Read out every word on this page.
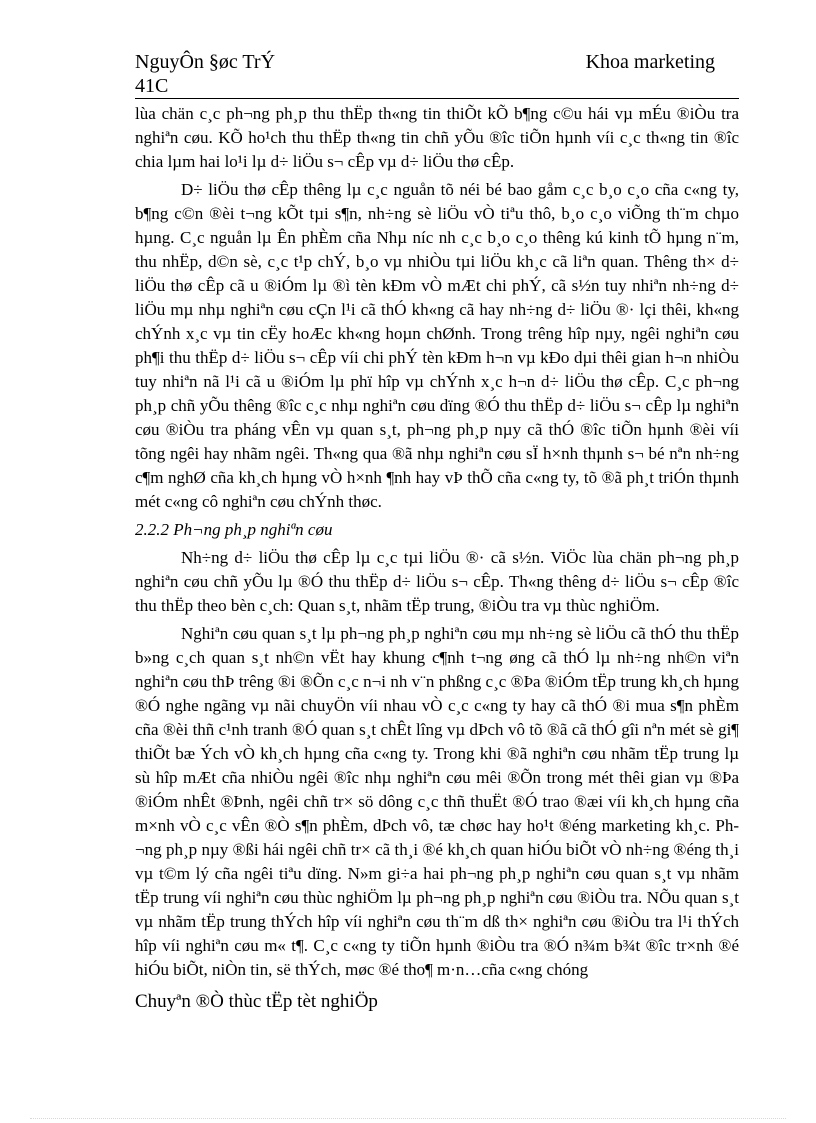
NguyÔn §øc TrÝ	Khoa marketing
41C

lùa chän c¸c ph¬ng ph¸p thu thËp th«ng tin thiÕt kÕ b¶ng c©u hái vµ mÉu ®iÒu tra nghiªn cøu. KÕ ho¹ch thu thËp th«ng tin chñ yÕu ®îc tiÕn hµnh víi c¸c th«ng tin ®îc chia lµm hai lo¹i lµ d÷ liÖu s¬ cÊp vµ d÷ liÖu thø cÊp.

D÷ liÖu thø cÊp thêng lµ c¸c nguån tõ néi bé bao gåm c¸c b¸o c¸o cña c«ng ty, b¶ng c©n ®èi t¬ng kÕt tµi s¶n, nh÷ng sè liÖu vÒ tiªu thô, b¸o c¸o viÕng th¨m chµo hµng. C¸c nguån lµ Ên phÈm cña Nhµ níc nh c¸c b¸o c¸o thêng kú kinh tÕ hµng n¨m, thu nhËp, d©n sè, c¸c t¹p chÝ, b¸o vµ nhiÒu tµi liÖu kh¸c cã liªn quan. Thêng th× d÷ liÖu thø cÊp cã u ®iÓm lµ ®ì tèn kÐm vÒ mÆt chi phÝ, cã s½n tuy nhiªn nh÷ng d÷ liÖu mµ nhµ nghiªn cøu cÇn l¹i cã thÓ kh«ng cã hay nh÷ng d÷ liÖu ®· lçi thêi, kh«ng chÝnh x¸c vµ tin cËy hoÆc kh«ng hoµn chØnh. Trong trêng hîp nµy, ngêi nghiªn cøu ph¶i thu thËp d÷ liÖu s¬ cÊp víi chi phÝ tèn kÐm h¬n vµ kÐo dµi thêi gian h¬n nhiÒu tuy nhiªn nã l¹i cã u ®iÓm lµ phï hîp vµ chÝnh x¸c h¬n d÷ liÖu thø cÊp. C¸c ph¬ng ph¸p chñ yÕu thêng ®îc c¸c nhµ nghiªn cøu dïng ®Ó thu thËp d÷ liÖu s¬ cÊp lµ nghiªn cøu ®iÒu tra pháng vÊn vµ quan s¸t, ph¬ng ph¸p nµy cã thÓ ®îc tiÕn hµnh ®èi víi tõng ngêi hay nhãm ngêi. Th«ng qua ®ã nhµ nghiªn cøu sÏ h×nh thµnh s¬ bé nªn nh÷ng c¶m nghØ cña kh¸ch hµng vÒ h×nh ¶nh hay vÞ thÕ cña c«ng ty, tõ ®ã ph¸t triÓn thµnh mét c«ng cô nghiªn cøu chÝnh thøc.

2.2.2 Ph¬ng ph¸p nghiªn cøu

Nh÷ng d÷ liÖu thø cÊp lµ c¸c tµi liÖu ®· cã s½n. ViÖc lùa chän ph¬ng ph¸p nghiªn cøu chñ yÕu lµ ®Ó thu thËp d÷ liÖu s¬ cÊp. Th«ng thêng d÷ liÖu s¬ cÊp ®îc thu thËp theo bèn c¸ch: Quan s¸t, nhãm tËp trung, ®iÒu tra vµ thùc nghiÖm.

Nghiªn cøu quan s¸t lµ ph¬ng ph¸p nghiªn cøu mµ nh÷ng sè liÖu cã thÓ thu thËp b»ng c¸ch quan s¸t nh©n vËt hay khung c¶nh t¬ng øng cã thÓ lµ nh÷ng nh©n viªn nghiªn cøu thÞ trêng ®i ®Õn c¸c n¬i nh v¨n phßng c¸c ®Þa ®iÓm tËp trung kh¸ch hµng ®Ó nghe ngãng vµ nãi chuyÖn víi nhau vÒ c¸c c«ng ty hay cã thÓ ®i mua s¶n phÈm cña ®èi thñ c¹nh tranh ®Ó quan s¸t chÊt lîng vµ dÞch vô tõ ®ã cã thÓ gîi nªn mét sè gi¶ thiÕt bæ Ých vÒ kh¸ch hµng cña c«ng ty. Trong khi ®ã nghiªn cøu nhãm tËp trung lµ sù hîp mÆt cña nhiÒu ngêi ®îc nhµ nghiªn cøu mêi ®Õn trong mét thêi gian vµ ®Þa ®iÓm nhÊt ®Þnh, ngêi chñ tr× sö dông c¸c thñ thuËt ®Ó trao ®æi víi kh¸ch hµng cña m×nh vÒ c¸c vÊn ®Ò s¶n phÈm, dÞch vô, tæ chøc hay ho¹t ®éng marketing kh¸c. Ph¬ng ph¸p nµy ®ßi hái ngêi chñ tr× cã th¸i ®é kh¸ch quan hiÓu biÕt vÒ nh÷ng ®éng th¸i vµ t©m lý cña ngêi tiªu dïng. N»m gi÷a hai ph¬ng ph¸p nghiªn cøu quan s¸t vµ nhãm tËp trung víi nghiªn cøu thùc nghiÖm lµ ph¬ng ph¸p nghiªn cøu ®iÒu tra. NÕu quan s¸t vµ nhãm tËp trung thÝch hîp víi nghiªn cøu th¨m dß th× nghiªn cøu ®iÒu tra l¹i thÝch hîp víi nghiªn cøu m« t¶. C¸c c«ng ty tiÕn hµnh ®iÒu tra ®Ó n¾m b¾t ®îc tr×nh ®é hiÓu biÕt, niÒn tin, së thÝch, møc ®é tho¶ m·n…cña c«ng chóng

Chuyªn ®Ò thùc tËp tèt nghiÖp
